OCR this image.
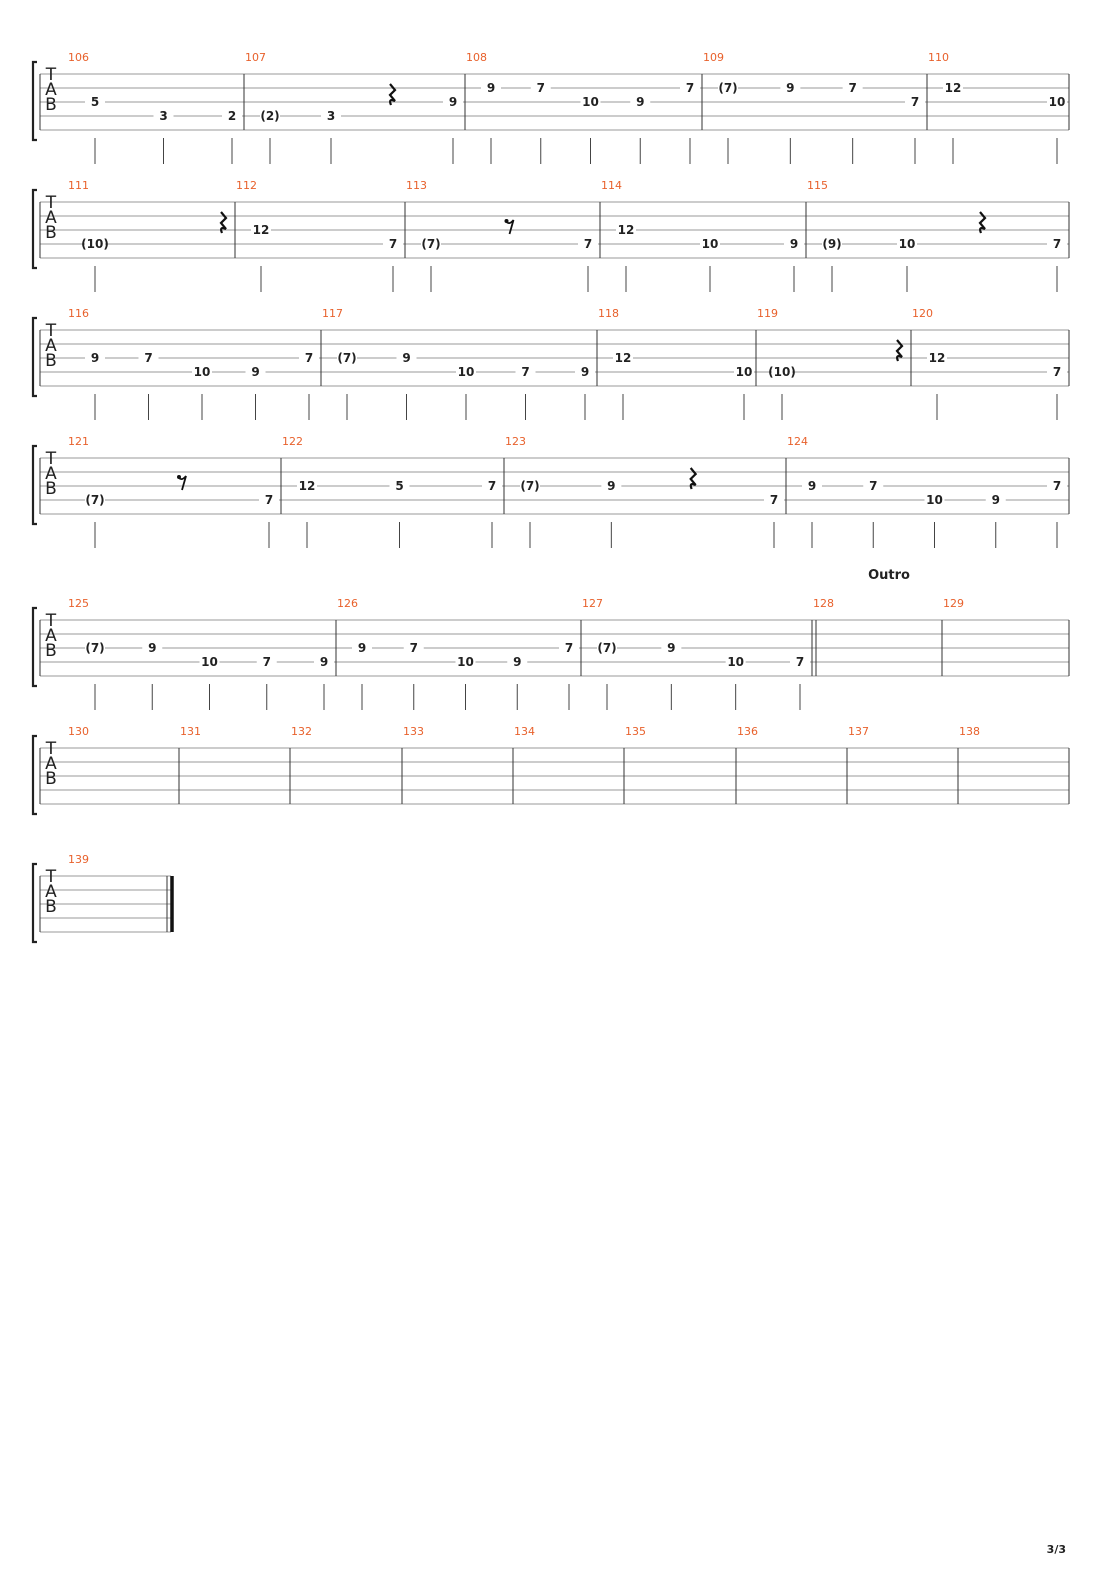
T
A
B
106
5
3	2
107
(2)	3
9
108
9	7
10	9
7
109
(7)	9	7
7
110
12
10
T
A
B
111
(10)
112
12
7
113
(7)	7
114
12
10	9
115
(9)	10	7
T
A
B
116
9	7
10	9
7
117
(7)	9
10	7	9
118
12
10
119
(10)
120
12
7
T
A
B
121
(7)	7
122
12	5	7
123
(7)	9
7
124
9	7
10	9
7
T
A
B
Outro
125
(7)	9
10	7	9
126
9	7
10	9
7
127
(7)	9
10	7
128	129
T
A
B
130	131	132	133	134	135	136	137	138
T
A
B
139
3/3
